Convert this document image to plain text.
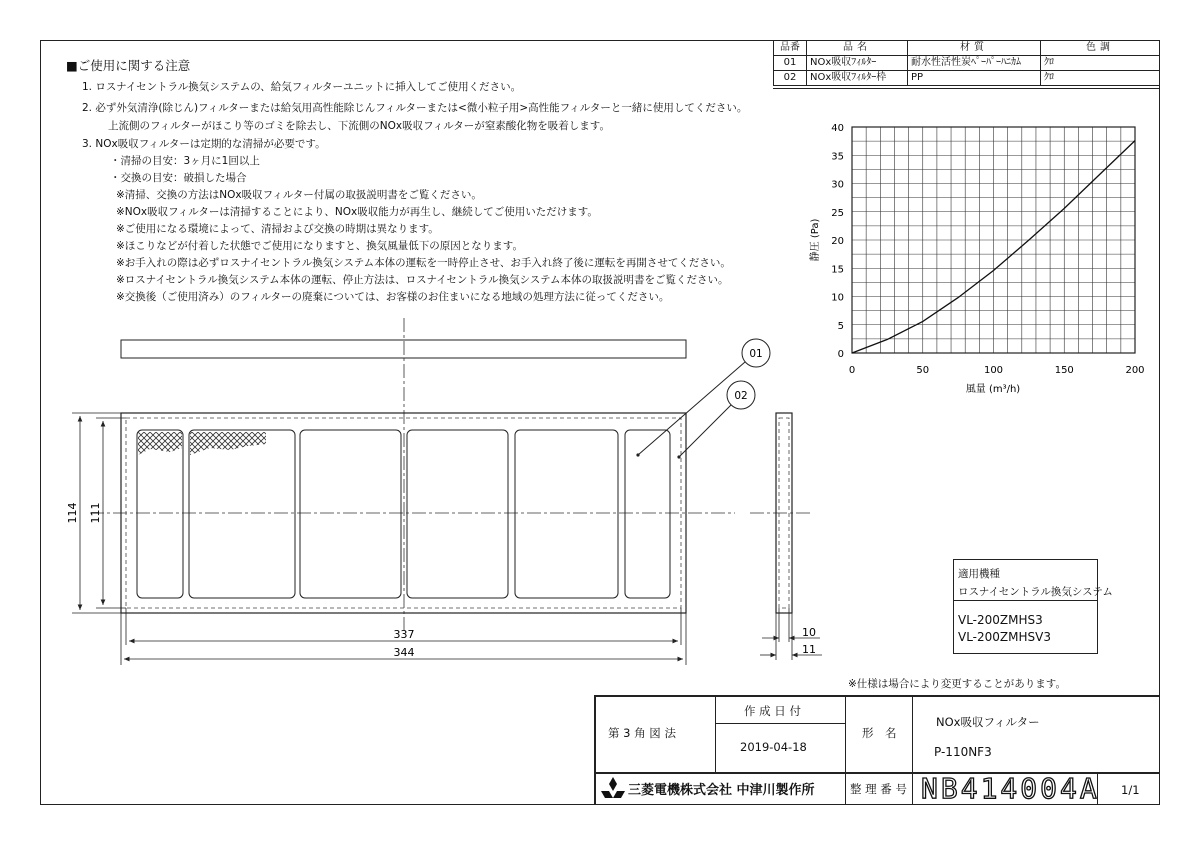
■ご使用に関する注意
1. ロスナイセントラル換気システムの、給気フィルターユニットに挿入してご使用ください。
2. 必ず外気清浄(除じん)フィルターまたは給気用高性能除じんフィルターまたは<微小粒子用>高性能フィルターと一緒に使用してください。
上流側のフィルターがほこり等のゴミを除去し、下流側のNOx吸収フィルターが窒素酸化物を吸着します。
3. NOx吸収フィルターは定期的な清掃が必要です。
・清掃の目安：3ヶ月に1回以上
・交換の目安：破損した場合
※清掃、交換の方法はNOx吸収フィルター付属の取扱説明書をご覧ください。
※NOx吸収フィルターは清掃することにより、NOx吸収能力が再生し、継続してご使用いただけます。
※ご使用になる環境によって、清掃および交換の時期は異なります。
※ほこりなどが付着した状態でご使用になりますと、換気風量低下の原因となります。
※お手入れの際は必ずロスナイセントラル換気システム本体の運転を一時停止させ、お手入れ終了後に運転を再開させてください。
※ロスナイセントラル換気システム本体の運転、停止方法は、ロスナイセントラル換気システム本体の取扱説明書をご覧ください。
※交換後（ご使用済み）のフィルターの廃棄については、お客様のお住まいになる地域の処理方法に従ってください。
品番	品名	材質	色調
01	NOx吸収ﾌｨﾙﾀｰ	耐水性活性炭ﾍﾟｰﾊﾟｰﾊﾆｶﾑ	ｸﾛ
02	NOx吸収ﾌｨﾙﾀｰ枠	PP	ｸﾛ
0	50	100	150	200
0
5
10
15
20
25
30
35
40
風量 (m³/h)
静圧 (Pa)
01
02
114 111
337
344
10
11
適用機種
ロスナイセントラル換気システム
VL-200ZMHS3
VL-200ZMHSV3
※仕様は場合により変更することがあります。
第 3 角 図 法
作 成 日 付
2019-04-18
形　名
NOx吸収フィルター
P-110NF3
整 理 番 号	1/1
三菱電機株式会社 中津川製作所	NB414004A
